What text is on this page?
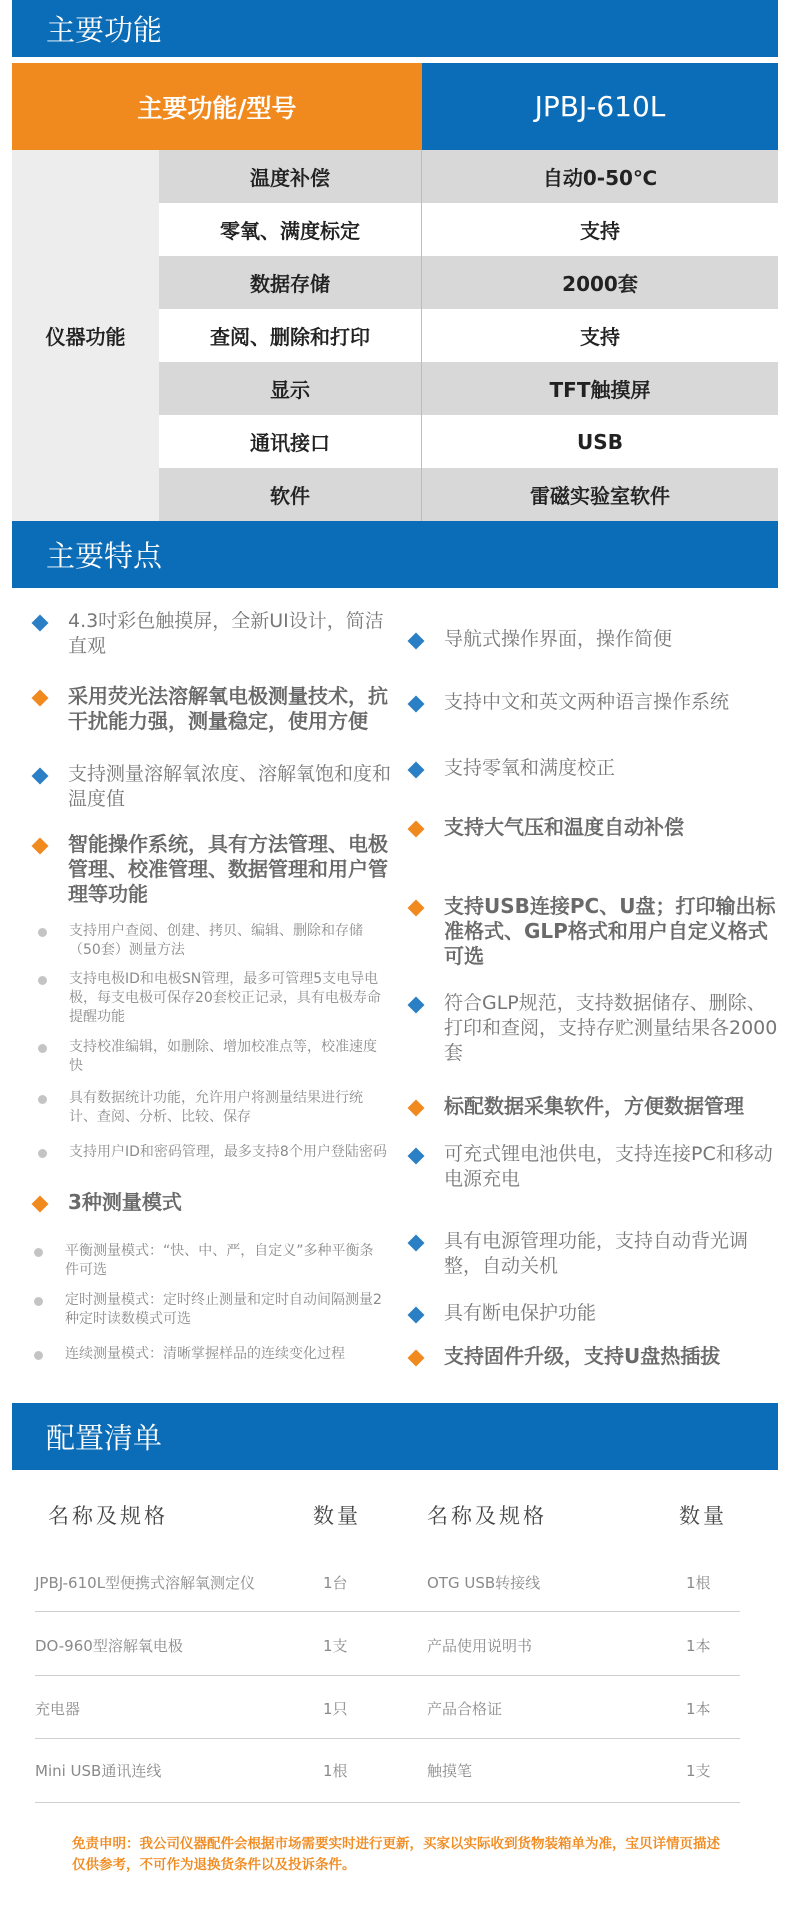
主要功能
主要功能/型号	JPBJ-610L
仪器功能
温度补偿	自动0-50℃
零氧、满度标定	支持
数据存储	2000套
查阅、删除和打印	支持
显示	TFT触摸屏
通讯接口	USB
软件	雷磁实验室软件
主要特点
4.3吋彩色触摸屏，全新UI设计，简洁直观
采用荧光法溶解氧电极测量技术，抗干扰能力强，测量稳定，使用方便
支持测量溶解氧浓度、溶解氧饱和度和温度值
智能操作系统，具有方法管理、电极管理、校准管理、数据管理和用户管理等功能
支持用户查阅、创建、拷贝、编辑、删除和存储（50套）测量方法
支持电极ID和电极SN管理，最多可管理5支电导电极，每支电极可保存20套校正记录，具有电极寿命提醒功能
支持校准编辑，如删除、增加校准点等，校准速度快
具有数据统计功能，允许用户将测量结果进行统计、查阅、分析、比较、保存
支持用户ID和密码管理，最多支持8个用户登陆密码
3种测量模式
平衡测量模式：“快、中、严，自定义”多种平衡条件可选
定时测量模式：定时终止测量和定时自动间隔测量2种定时读数模式可选
连续测量模式：清晰掌握样品的连续变化过程
导航式操作界面，操作简便
支持中文和英文两种语言操作系统
支持零氧和满度校正
支持大气压和温度自动补偿
支持USB连接PC、U盘；打印输出标准格式、GLP格式和用户自定义格式可选
符合GLP规范，支持数据储存、删除、打印和查阅，支持存贮测量结果各2000套
标配数据采集软件，方便数据管理
可充式锂电池供电，支持连接PC和移动电源充电
具有电源管理功能，支持自动背光调整，自动关机
具有断电保护功能
支持固件升级，支持U盘热插拔
配置清单
名称及规格	数量	名称及规格	数量
JPBJ-610L型便携式溶解氧测定仪	1台	OTG USB转接线	1根
DO-960型溶解氧电极	1支	产品使用说明书	1本
充电器	1只	产品合格证	1本
Mini USB通讯连线	1根	触摸笔	1支
免责申明：我公司仪器配件会根据市场需要实时进行更新，买家以实际收到货物装箱单为准，宝贝详情页描述仅供参考，不可作为退换货条件以及投诉条件。
